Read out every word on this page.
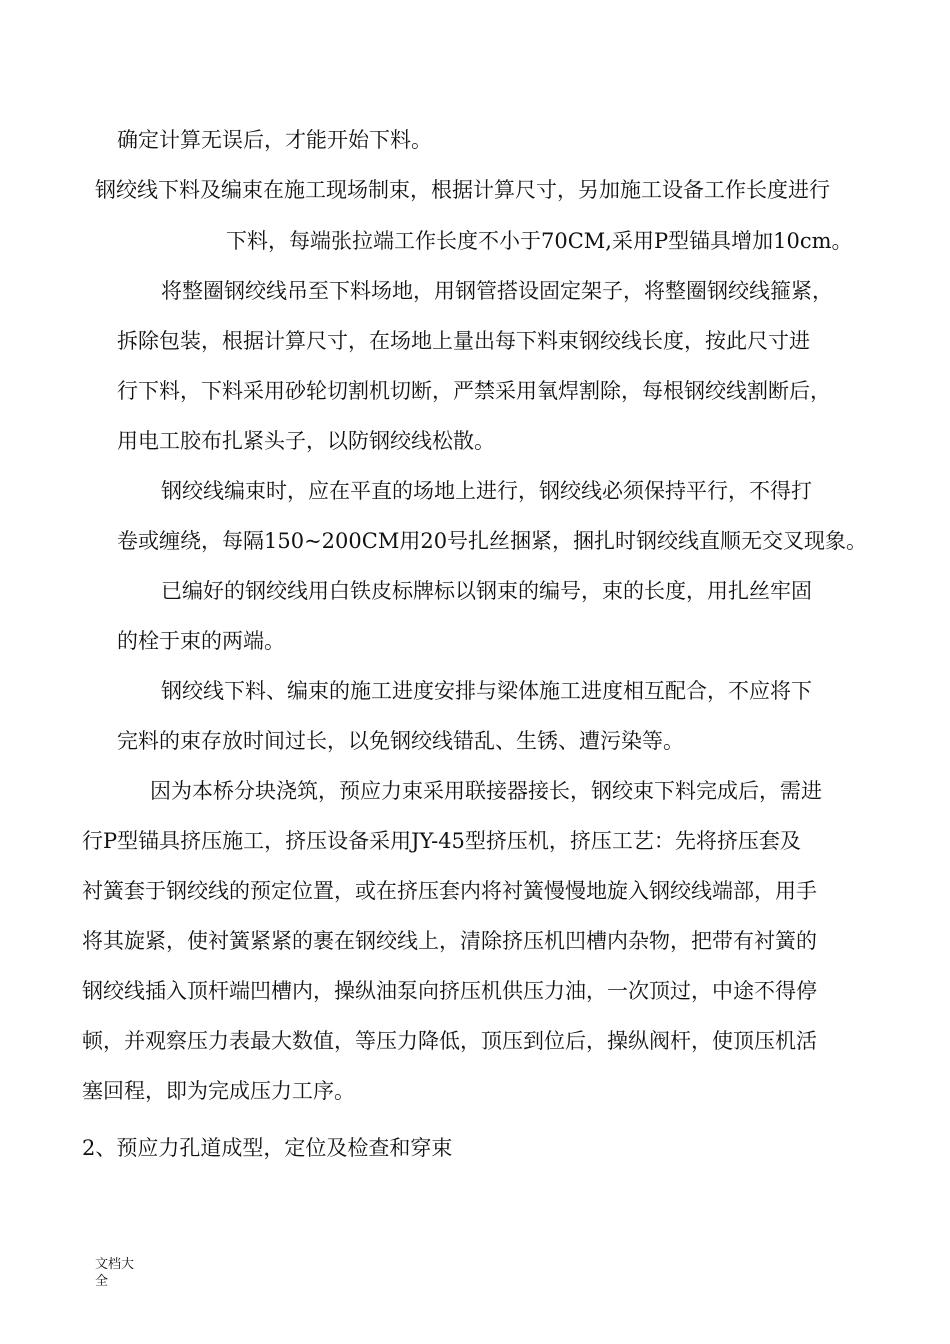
确定计算无误后，才能开始下料。
钢绞线下料及编束在施工现场制束，根据计算尺寸，另加施工设备工作长度进行
下料，每端张拉端工作长度不小于70CM,采用P型锚具增加10cm。
将整圈钢绞线吊至下料场地，用钢管搭设固定架子，将整圈钢绞线箍紧，
拆除包装，根据计算尺寸，在场地上量出每下料束钢绞线长度，按此尺寸进
行下料，下料采用砂轮切割机切断，严禁采用氧焊割除，每根钢绞线割断后，
用电工胶布扎紧头子，以防钢绞线松散。
钢绞线编束时，应在平直的场地上进行，钢绞线必须保持平行，不得打
卷或缠绕，每隔150~200CM用20号扎丝捆紧，捆扎时钢绞线直顺无交叉现象。
已编好的钢绞线用白铁皮标牌标以钢束的编号，束的长度，用扎丝牢固
的栓于束的两端。
钢绞线下料、编束的施工进度安排与梁体施工进度相互配合，不应将下
完料的束存放时间过长，以免钢绞线错乱、生锈、遭污染等。
因为本桥分块浇筑，预应力束采用联接器接长，钢绞束下料完成后，需进
行P型锚具挤压施工，挤压设备采用JY-45型挤压机，挤压工艺：先将挤压套及
衬簧套于钢绞线的预定位置，或在挤压套内将衬簧慢慢地旋入钢绞线端部，用手
将其旋紧，使衬簧紧紧的裹在钢绞线上，清除挤压机凹槽内杂物，把带有衬簧的
钢绞线插入顶杆端凹槽内，操纵油泵向挤压机供压力油，一次顶过，中途不得停
顿，并观察压力表最大数值，等压力降低，顶压到位后，操纵阀杆，使顶压机活
塞回程，即为完成压力工序。
2、预应力孔道成型，定位及检查和穿束
文档大全
